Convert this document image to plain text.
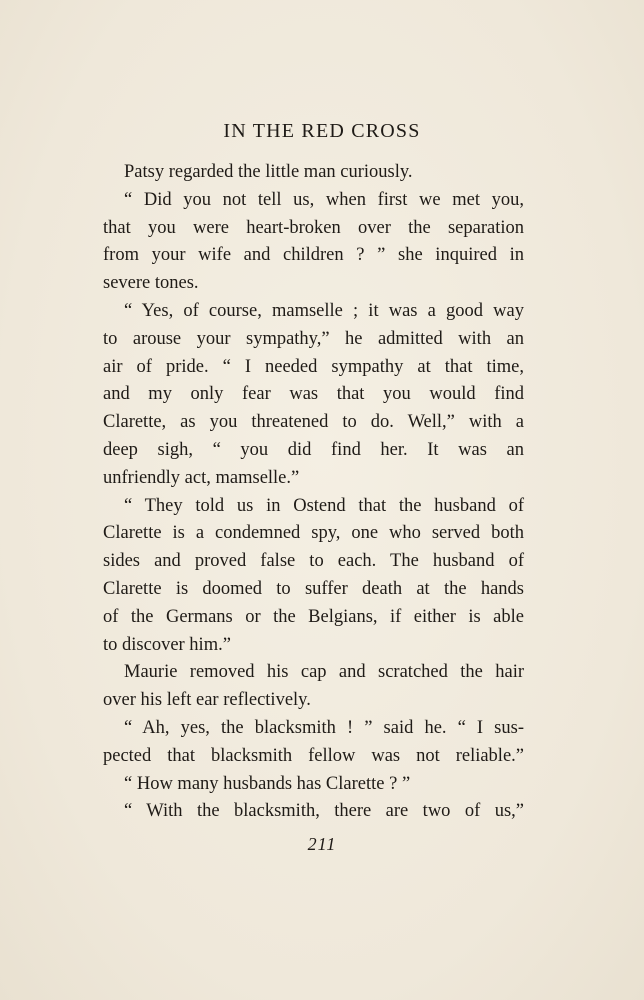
IN THE RED CROSS
Patsy regarded the little man curiously.
“ Did you not tell us, when first we met you,
that you were heart-broken over the separation
from your wife and children ? ” she inquired in
severe tones.
“ Yes, of course, mamselle ; it was a good way
to arouse your sympathy,” he admitted with an
air of pride. “ I needed sympathy at that time,
and my only fear was that you would find
Clarette, as you threatened to do. Well,” with a
deep sigh, “ you did find her. It was an
unfriendly act, mamselle.”
“ They told us in Ostend that the husband of
Clarette is a condemned spy, one who served both
sides and proved false to each. The husband of
Clarette is doomed to suffer death at the hands
of the Germans or the Belgians, if either is able
to discover him.”
Maurie removed his cap and scratched the hair
over his left ear reflectively.
“ Ah, yes, the blacksmith ! ” said he. “ I sus-
pected that blacksmith fellow was not reliable.”
“ How many husbands has Clarette ? ”
“ With the blacksmith, there are two of us,”
211
